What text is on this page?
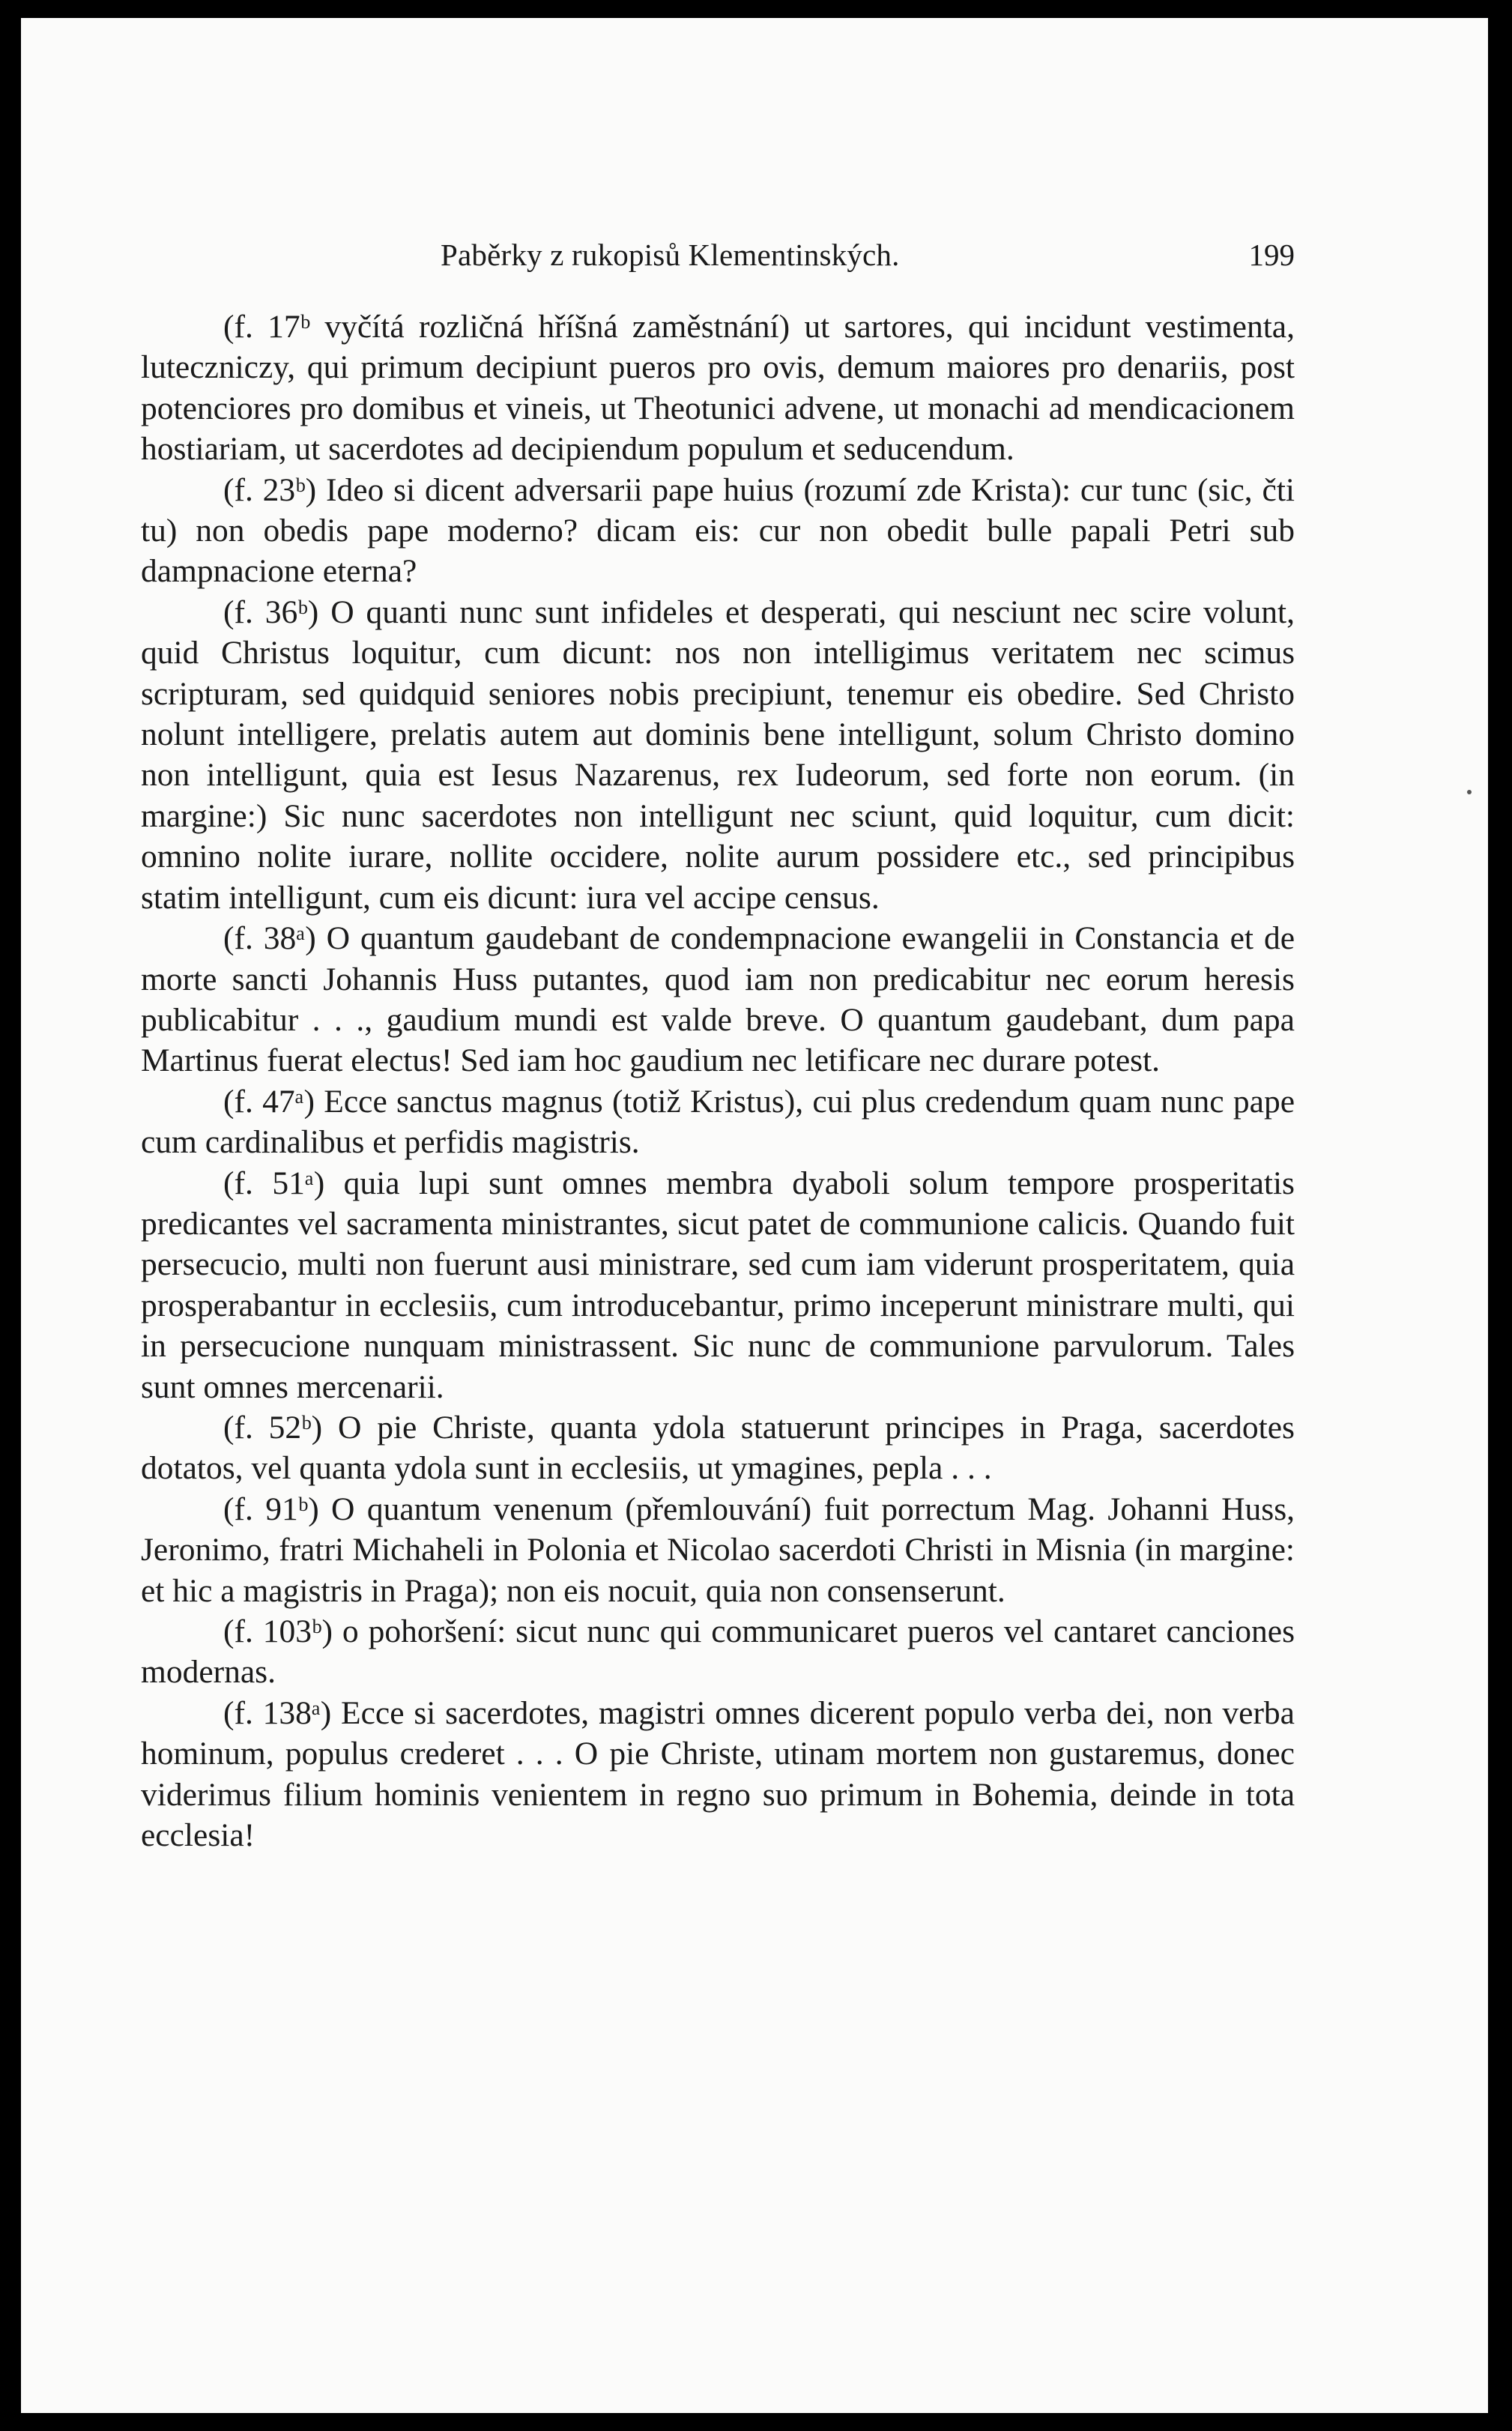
Paběrky z rukopisů Klementinských.	199

(f. 17ᵇ vyčítá rozličná hříšná zaměstnání) ut sartores, qui incidunt vestimenta, luteczniczy, qui primum decipiunt pueros pro ovis, demum maiores pro denariis, post potenciores pro domibus et vineis, ut Theotunici advene, ut monachi ad mendicacionem hostiariam, ut sacerdotes ad decipiendum populum et seducendum.

(f. 23ᵇ) Ideo si dicent adversarii pape huius (rozumí zde Krista): cur tunc (sic, čti tu) non obedis pape moderno? dicam eis: cur non obedit bulle papali Petri sub dampnacione eterna?

(f. 36ᵇ) O quanti nunc sunt infideles et desperati, qui nesciunt nec scire volunt, quid Christus loquitur, cum dicunt: nos non intelligimus veritatem nec scimus scripturam, sed quidquid seniores nobis precipiunt, tenemur eis obedire. Sed Christo nolunt intelligere, prelatis autem aut dominis bene intelligunt, solum Christo domino non intelligunt, quia est Iesus Nazarenus, rex Iudeorum, sed forte non eorum. (in margine:) Sic nunc sacerdotes non intelligunt nec sciunt, quid loquitur, cum dicit: omnino nolite iurare, nollite occidere, nolite aurum possidere etc., sed principibus statim intelligunt, cum eis dicunt: iura vel accipe census.

(f. 38ᵃ) O quantum gaudebant de condempnacione ewangelii in Constancia et de morte sancti Johannis Huss putantes, quod iam non predicabitur nec eorum heresis publicabitur . . ., gaudium mundi est valde breve. O quantum gaudebant, dum papa Martinus fuerat electus! Sed iam hoc gaudium nec letificare nec durare potest.

(f. 47ᵃ) Ecce sanctus magnus (totiž Kristus), cui plus credendum quam nunc pape cum cardinalibus et perfidis magistris.

(f. 51ᵃ) quia lupi sunt omnes membra dyaboli solum tempore prosperitatis predicantes vel sacramenta ministrantes, sicut patet de communione calicis. Quando fuit persecucio, multi non fuerunt ausi ministrare, sed cum iam viderunt prosperitatem, quia prosperabantur in ecclesiis, cum introducebantur, primo inceperunt ministrare multi, qui in persecucione nunquam ministrassent. Sic nunc de communione parvulorum. Tales sunt omnes mercenarii.

(f. 52ᵇ) O pie Christe, quanta ydola statuerunt principes in Praga, sacerdotes dotatos, vel quanta ydola sunt in ecclesiis, ut ymagines, pepla . . .

(f. 91ᵇ) O quantum venenum (přemlouvání) fuit porrectum Mag. Johanni Huss, Jeronimo, fratri Michaheli in Polonia et Nicolao sacerdoti Christi in Misnia (in margine: et hic a magistris in Praga); non eis nocuit, quia non consenserunt.

(f. 103ᵇ) o pohoršení: sicut nunc qui communicaret pueros vel cantaret canciones modernas.

(f. 138ᵃ) Ecce si sacerdotes, magistri omnes dicerent populo verba dei, non verba hominum, populus crederet . . . O pie Christe, utinam mortem non gustaremus, donec viderimus filium hominis venientem in regno suo primum in Bohemia, deinde in tota ecclesia!
